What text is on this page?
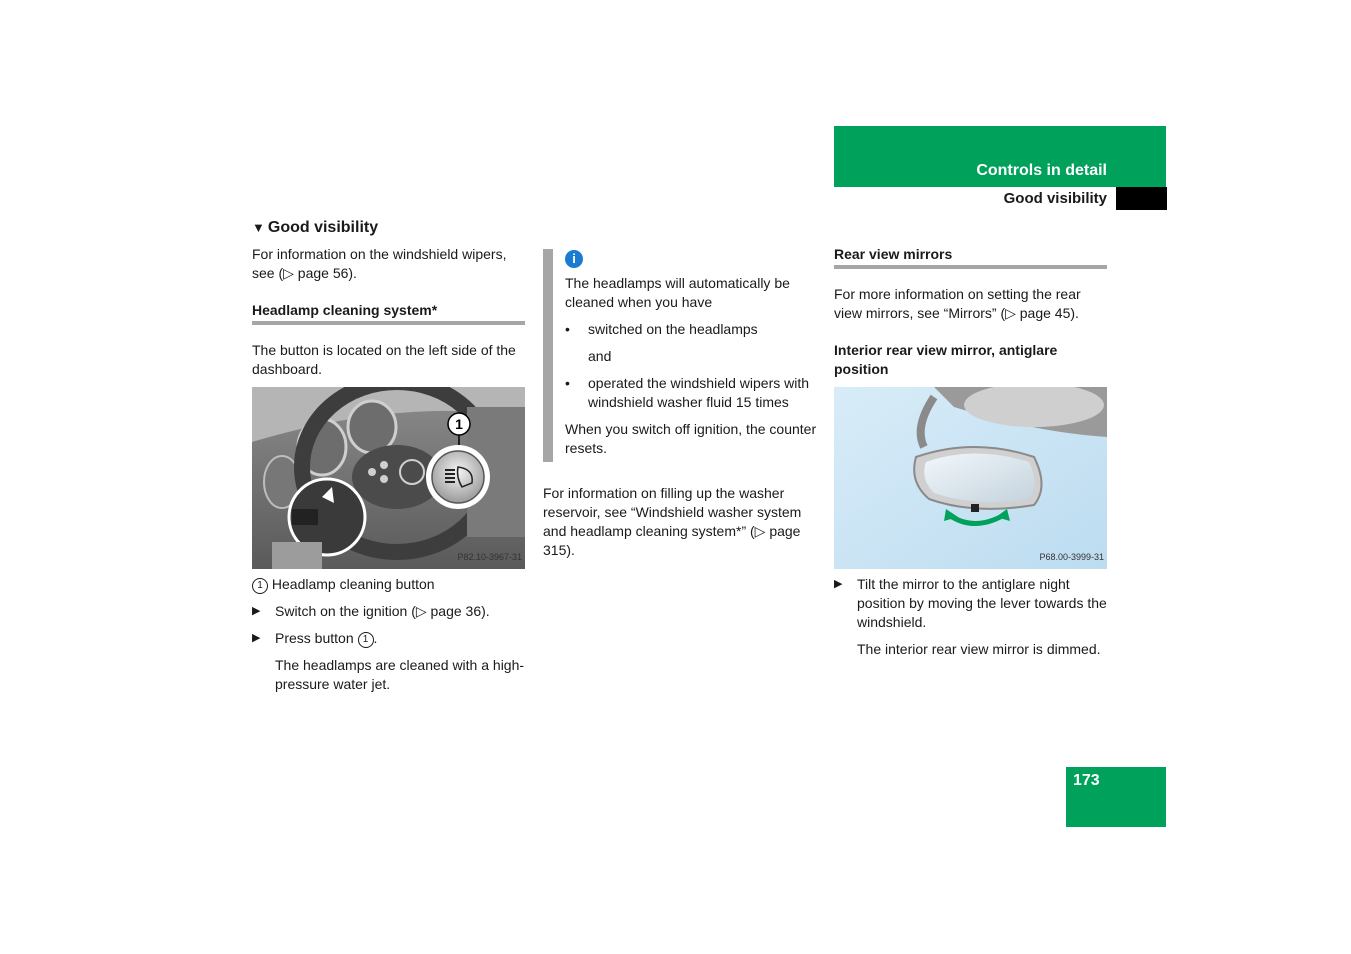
Controls in detail
Good visibility
173
▼ Good visibility

For information on the windshield wipers, see (▷ page 56).

Headlamp cleaning system*

The button is located on the left side of the dashboard.

1
P82.10-3967-31

1 Headlamp cleaning button

▶ Switch on the ignition (▷ page 36).
▶ Press button 1 .
The headlamps are cleaned with a high-pressure water jet.
i

The headlamps will automatically be cleaned when you have

• switched on the headlamps
and
• operated the windshield wipers with windshield washer fluid 15 times

When you switch off ignition, the counter resets.

For information on filling up the washer reservoir, see “Windshield washer system and headlamp cleaning system*” (▷ page 315).

Rear view mirrors

For more information on setting the rear view mirrors, see “Mirrors” (▷ page 45).

Interior rear view mirror, antiglare position
P68.00-3999-31
▶ Tilt the mirror to the antiglare night position by moving the lever towards the windshield.
The interior rear view mirror is dimmed.
